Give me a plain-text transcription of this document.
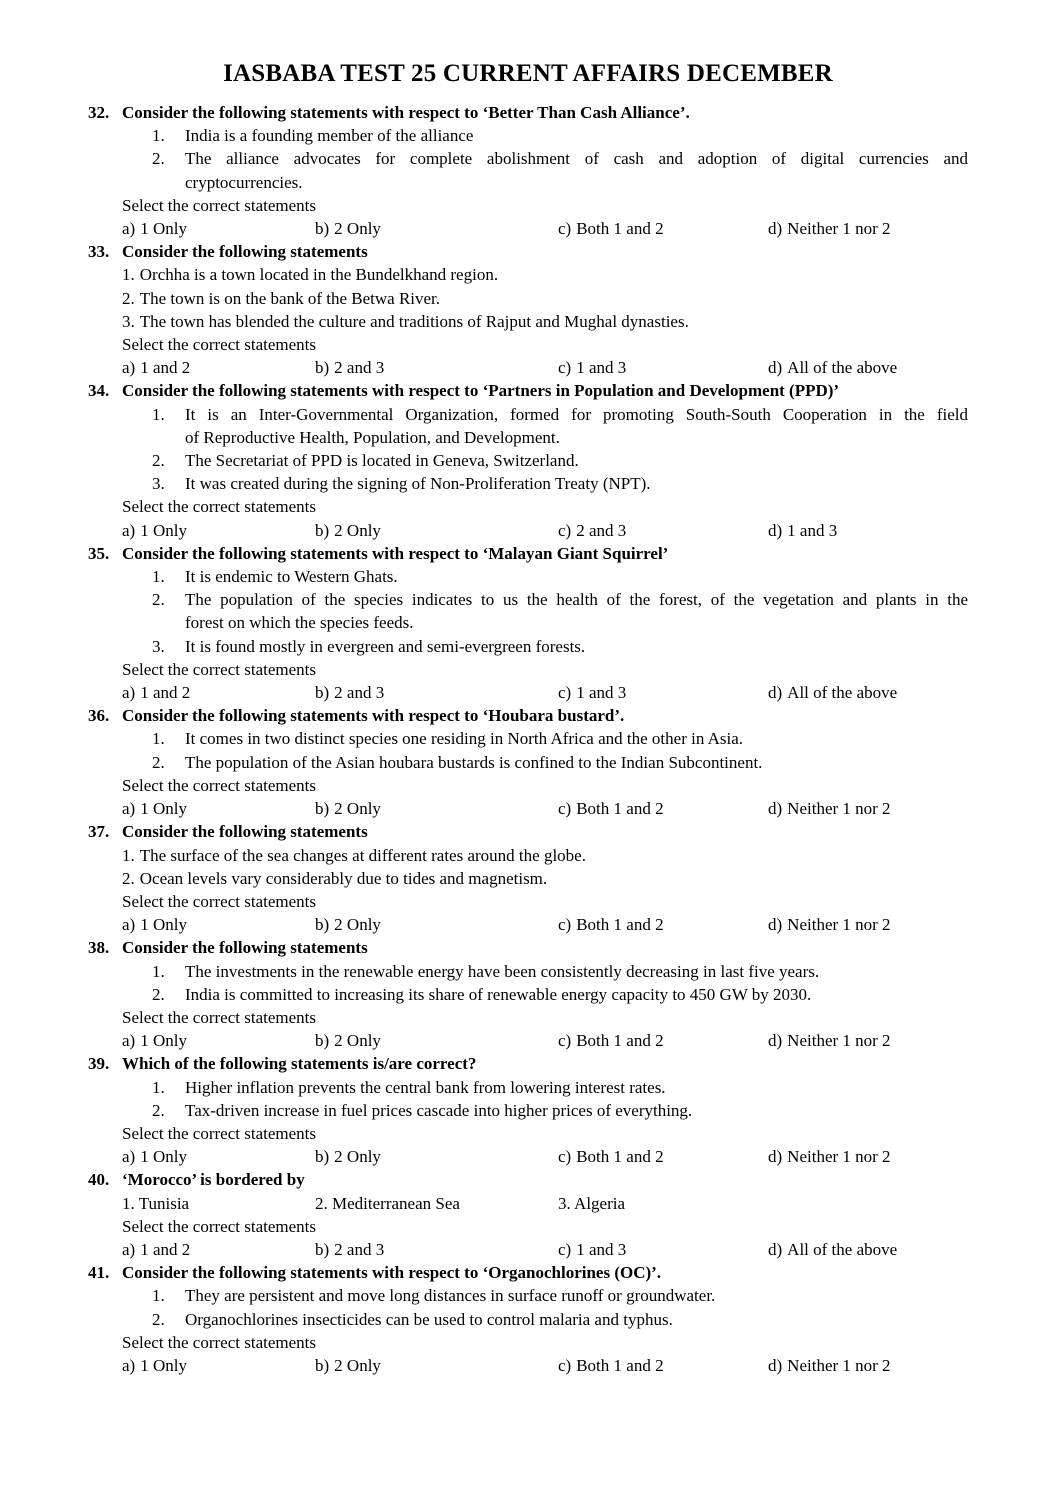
IASBABA TEST 25 CURRENT AFFAIRS DECEMBER
32. Consider the following statements with respect to ‘Better Than Cash Alliance’.
1.	India is a founding member of the alliance
2.	The alliance advocates for complete abolishment of cash and adoption of digital currencies and
cryptocurrencies.
Select the correct statements
a) 1 Only	b) 2 Only	c) Both 1 and 2	d) Neither 1 nor 2
33. Consider the following statements
1. Orchha is a town located in the Bundelkhand region.
2. The town is on the bank of the Betwa River.
3. The town has blended the culture and traditions of Rajput and Mughal dynasties.
Select the correct statements
a) 1 and 2	b) 2 and 3	c) 1 and 3	d) All of the above
34. Consider the following statements with respect to ‘Partners in Population and Development (PPD)’
1.	It is an Inter-Governmental Organization, formed for promoting South-South Cooperation in the field
of Reproductive Health, Population, and Development.
2.	The Secretariat of PPD is located in Geneva, Switzerland.
3.	It was created during the signing of Non-Proliferation Treaty (NPT).
Select the correct statements
a) 1 Only	b) 2 Only	c) 2 and 3	d) 1 and 3
35. Consider the following statements with respect to ‘Malayan Giant Squirrel’
1.	It is endemic to Western Ghats.
2.	The population of the species indicates to us the health of the forest, of the vegetation and plants in the
forest on which the species feeds.
3.	It is found mostly in evergreen and semi-evergreen forests.
Select the correct statements
a) 1 and 2	b) 2 and 3	c) 1 and 3	d) All of the above
36. Consider the following statements with respect to ‘Houbara bustard’.
1.	It comes in two distinct species one residing in North Africa and the other in Asia.
2.	The population of the Asian houbara bustards is confined to the Indian Subcontinent.
Select the correct statements
a) 1 Only	b) 2 Only	c) Both 1 and 2	d) Neither 1 nor 2
37. Consider the following statements
1. The surface of the sea changes at different rates around the globe.
2. Ocean levels vary considerably due to tides and magnetism.
Select the correct statements
a) 1 Only	b) 2 Only	c) Both 1 and 2	d) Neither 1 nor 2
38. Consider the following statements
1.	The investments in the renewable energy have been consistently decreasing in last five years.
2.	India is committed to increasing its share of renewable energy capacity to 450 GW by 2030.
Select the correct statements
a) 1 Only	b) 2 Only	c) Both 1 and 2	d) Neither 1 nor 2
39. Which of the following statements is/are correct?
1.	Higher inflation prevents the central bank from lowering interest rates.
2.	Tax-driven increase in fuel prices cascade into higher prices of everything.
Select the correct statements
a) 1 Only	b) 2 Only	c) Both 1 and 2	d) Neither 1 nor 2
40. ‘Morocco’ is bordered by
1. Tunisia	2. Mediterranean Sea	3. Algeria
Select the correct statements
a) 1 and 2	b) 2 and 3	c) 1 and 3	d) All of the above
41. Consider the following statements with respect to ‘Organochlorines (OC)’.
1.	They are persistent and move long distances in surface runoff or groundwater.
2.	Organochlorines insecticides can be used to control malaria and typhus.
Select the correct statements
a) 1 Only	b) 2 Only	c) Both 1 and 2	d) Neither 1 nor 2
